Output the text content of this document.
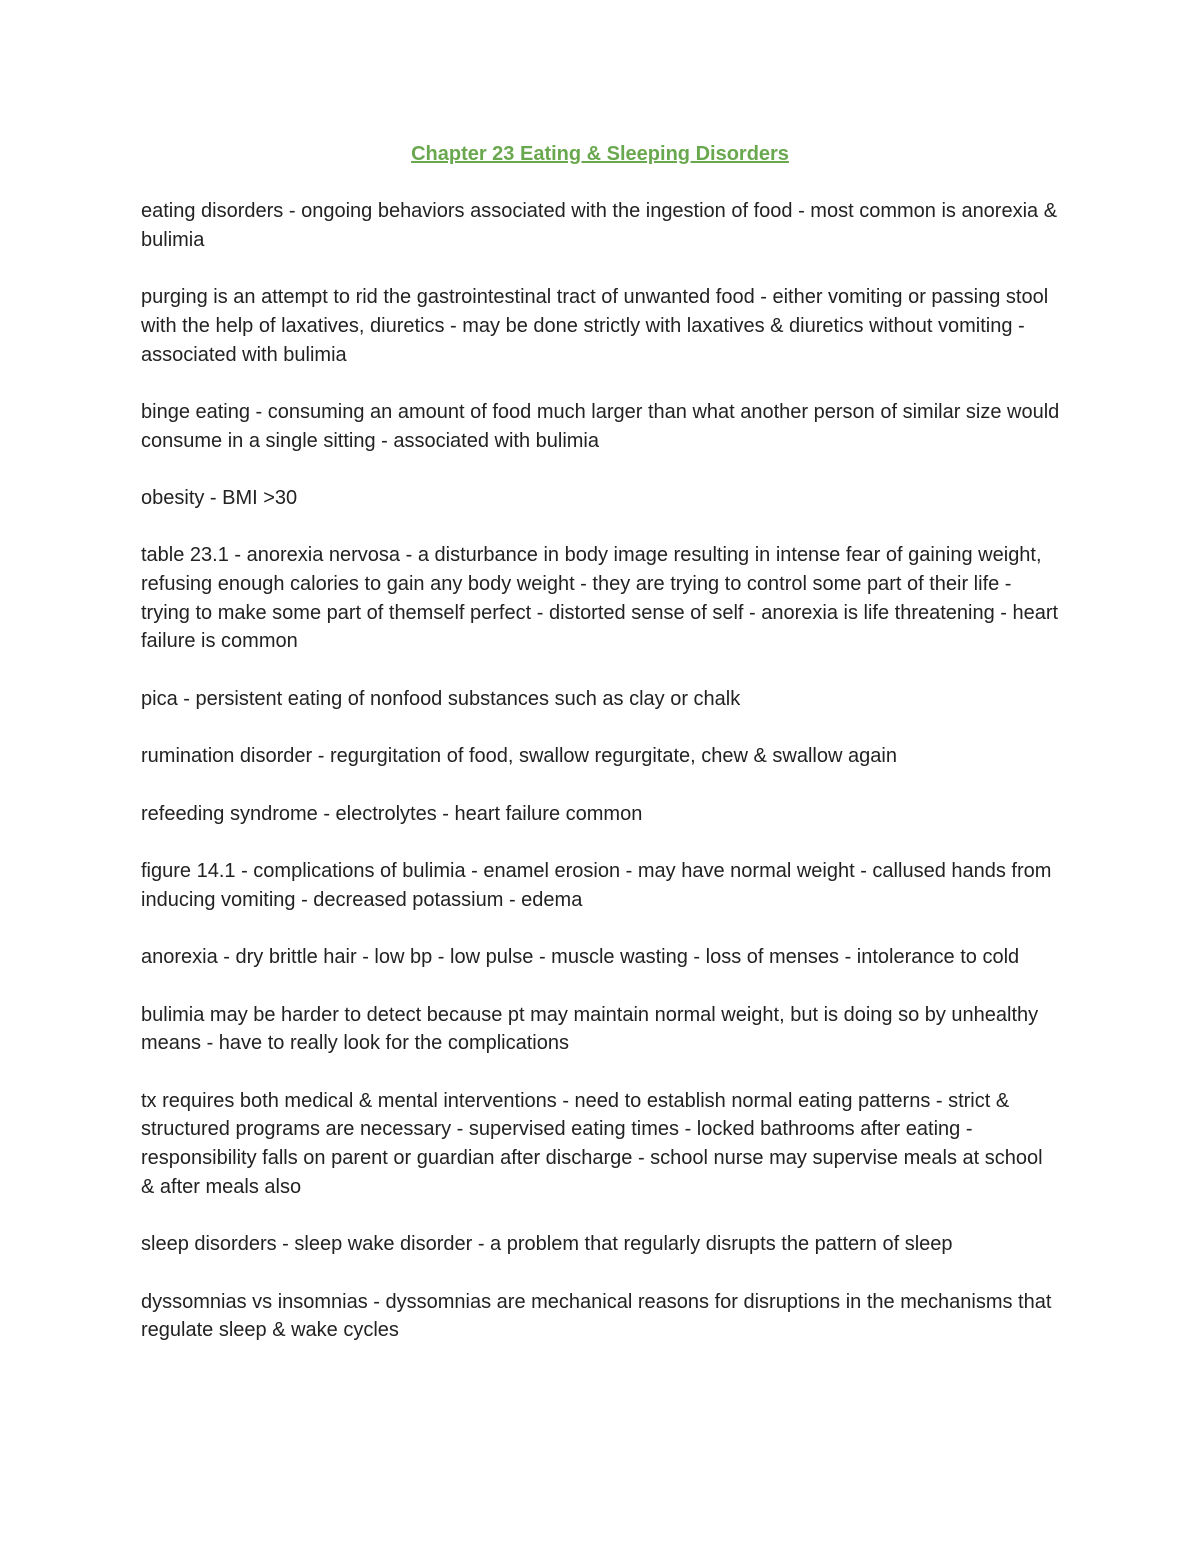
Chapter 23 Eating & Sleeping Disorders

eating disorders - ongoing behaviors associated with the ingestion of food - most common is anorexia & bulimia

purging is an attempt to rid the gastrointestinal tract of unwanted food - either vomiting or passing stool with the help of laxatives, diuretics - may be done strictly with laxatives & diuretics without vomiting - associated with bulimia

binge eating - consuming an amount of food much larger than what another person of similar size would consume in a single sitting - associated with bulimia

obesity - BMI >30

table 23.1 - anorexia nervosa - a disturbance in body image resulting in intense fear of gaining weight, refusing enough calories to gain any body weight - they are trying to control some part of their life - trying to make some part of themself perfect - distorted sense of self - anorexia is life threatening - heart failure is common

pica - persistent eating of nonfood substances such as clay or chalk

rumination disorder - regurgitation of food, swallow regurgitate, chew & swallow again

refeeding syndrome - electrolytes - heart failure common

figure 14.1 - complications of bulimia - enamel erosion - may have normal weight - callused hands from inducing vomiting - decreased potassium - edema

anorexia - dry brittle hair - low bp - low pulse - muscle wasting - loss of menses - intolerance to cold

bulimia may be harder to detect because pt may maintain normal weight, but is doing so by unhealthy means - have to really look for the complications

tx requires both medical & mental interventions - need to establish normal eating patterns - strict & structured programs are necessary - supervised eating times - locked bathrooms after eating - responsibility falls on parent or guardian after discharge - school nurse may supervise meals at school & after meals also

sleep disorders - sleep wake disorder - a problem that regularly disrupts the pattern of sleep

dyssomnias vs insomnias - dyssomnias are mechanical reasons for disruptions in the mechanisms that regulate sleep & wake cycles
